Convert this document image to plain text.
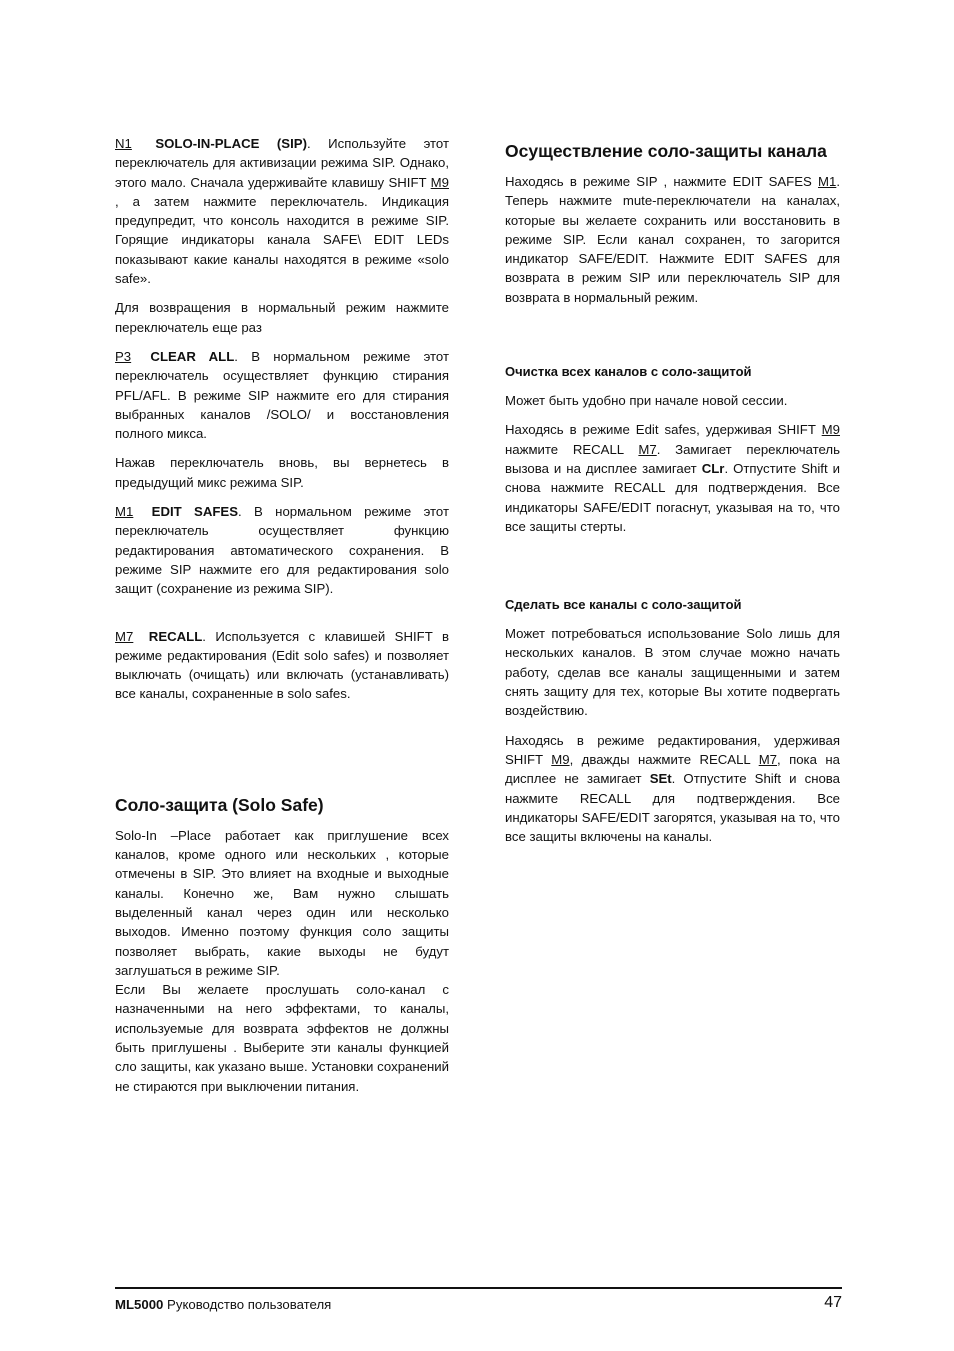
N1 SOLO-IN-PLACE (SIP). Используйте этот переключатель для активизации режима SIP. Однако, этого мало. Сначала удерживайте клавишу SHIFT M9 , а затем нажмите переключатель. Индикация предупредит, что консоль находится в режиме SIP. Горящие индикаторы канала SAFE\ EDIT LEDs показывают какие каналы находятся в режиме «solo safe».

Для возвращения в нормальный режим нажмите переключатель еще раз

P3 CLEAR ALL. В нормальном режиме этот переключатель осуществляет функцию стирания PFL/AFL. В режиме SIP нажмите его для стирания выбранных каналов /SOLO/ и восстановления полного микса.

Нажав переключатель вновь, вы вернетесь в предыдущий микс режима SIP.

M1 EDIT SAFES. В нормальном режиме этот переключатель осуществляет функцию редактирования автоматического сохранения. В режиме SIP нажмите его для редактирования solo защит (сохранение из режима SIP).

M7 RECALL. Используется с клавишей SHIFT в режиме редактирования (Edit solo safes) и позволяет выключать (очищать) или включать (устанавливать) все каналы, сохраненные в solo safes.

Соло-защита (Solo Safe)

Solo-In –Place работает как приглушение всех каналов, кроме одного или нескольких , которые отмечены в SIP. Это влияет на входные и выходные каналы. Конечно же, Вам нужно слышать выделенный канал через один или несколько выходов. Именно поэтому функция соло защиты позволяет выбрать, какие выходы не будут заглушаться в режиме SIP.

Если Вы желаете прослушать соло-канал с назначенными на него эффектами, то каналы, используемые для возврата эффектов не должны быть приглушены . Выберите эти каналы функцией сло защиты, как указано выше. Установки сохранений не стираются при выключении питания.

Осуществление соло-защиты канала

Находясь в режиме SIP , нажмите EDIT SAFES M1. Теперь нажмите mute-переключатели на каналах, которые вы желаете сохранить или восстановить в режиме SIP. Если канал сохранен, то загорится индикатор SAFE/EDIT. Нажмите EDIT SAFES для возврата в режим SIP или переключатель SIP для возврата в нормальный режим.

Очистка всех каналов с соло-защитой

Может быть удобно при начале новой сессии.

Находясь в режиме Edit safes, удерживая SHIFT M9 нажмите RECALL M7. Замигает переключатель вызова и на дисплее замигает CLr. Отпустите Shift и снова нажмите RECALL для подтверждения. Все индикаторы SAFE/EDIT погаснут, указывая на то, что все защиты стерты.

Сделать все каналы с соло-защитой

Может потребоваться использование Solo лишь для нескольких каналов. В этом случае можно начать работу, сделав все каналы защищенными и затем снять защиту для тех, которые Вы хотите подвергать воздействию.

Находясь в режиме редактирования, удерживая SHIFT M9, дважды нажмите RECALL M7, пока на дисплее не замигает SEt. Отпустите Shift и снова нажмите RECALL для подтверждения. Все индикаторы SAFE/EDIT загорятся, указывая на то, что все защиты включены на каналы.

ML5000 Руководство пользователя	47
